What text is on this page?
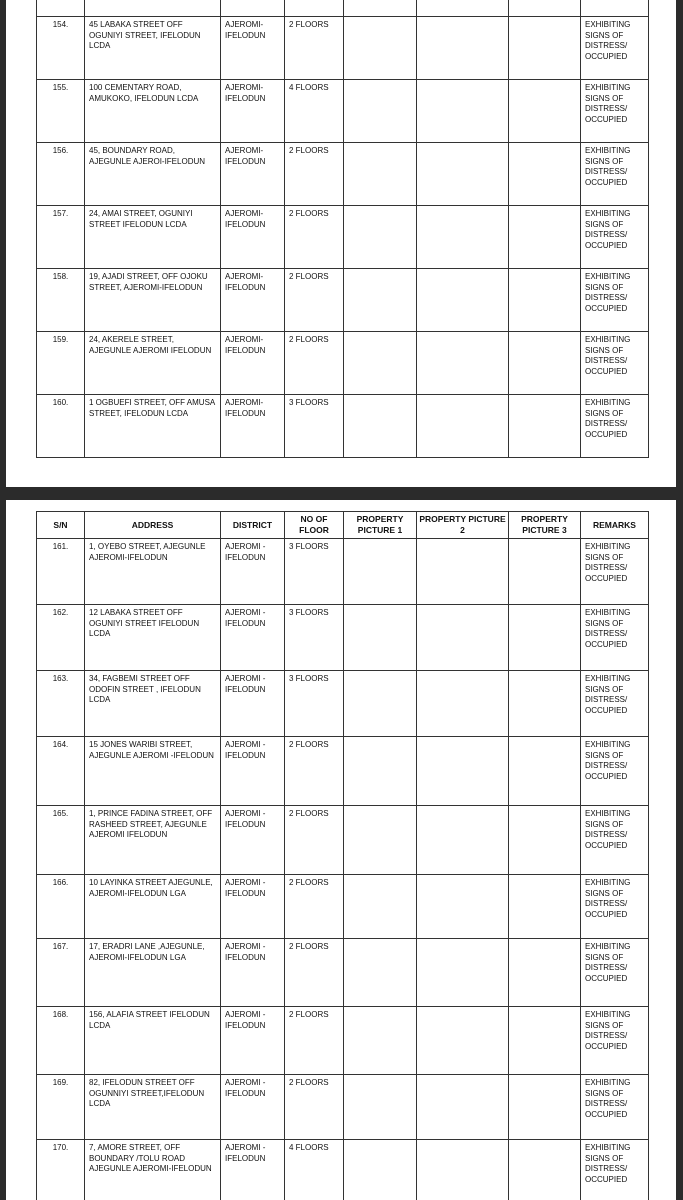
154.	45 LABAKA STREET OFF OGUNIYI STREET, IFELODUN LCDA	AJEROMI-IFELODUN	2 FLOORS				EXHIBITING SIGNS OF DISTRESS/ OCCUPIED
155.	100 CEMENTARY ROAD, AMUKOKO, IFELODUN LCDA	AJEROMI-IFELODUN	4 FLOORS				EXHIBITING SIGNS OF DISTRESS/ OCCUPIED
156.	45, BOUNDARY ROAD, AJEGUNLE AJEROI-IFELODUN	AJEROMI-IFELODUN	2 FLOORS				EXHIBITING SIGNS OF DISTRESS/ OCCUPIED
157.	24, AMAI STREET, OGUNIYI STREET IFELODUN LCDA	AJEROMI-IFELODUN	2 FLOORS				EXHIBITING SIGNS OF DISTRESS/ OCCUPIED
158.	19, AJADI STREET, OFF OJOKU STREET, AJEROMI-IFELODUN	AJEROMI-IFELODUN	2 FLOORS				EXHIBITING SIGNS OF DISTRESS/ OCCUPIED
159.	24, AKERELE STREET, AJEGUNLE AJEROMI IFELODUN	AJEROMI-IFELODUN	2 FLOORS				EXHIBITING SIGNS OF DISTRESS/ OCCUPIED
160.	1 OGBUEFI STREET, OFF AMUSA STREET, IFELODUN LCDA	AJEROMI-IFELODUN	3 FLOORS				EXHIBITING SIGNS OF DISTRESS/ OCCUPIED
S/N	ADDRESS	DISTRICT	NO OF FLOOR	PROPERTY PICTURE 1	PROPERTY PICTURE 2	PROPERTY PICTURE 3	REMARKS
161.	1, OYEBO STREET, AJEGUNLE AJEROMI-IFELODUN	AJEROMI - IFELODUN	3 FLOORS				EXHIBITING SIGNS OF DISTRESS/ OCCUPIED
162.	12 LABAKA STREET OFF OGUNIYI STREET IFELODUN LCDA	AJEROMI - IFELODUN	3 FLOORS				EXHIBITING SIGNS OF DISTRESS/ OCCUPIED
163.	34, FAGBEMI STREET OFF ODOFIN STREET , IFELODUN LCDA	AJEROMI - IFELODUN	3 FLOORS				EXHIBITING SIGNS OF DISTRESS/ OCCUPIED
164.	15 JONES WARIBI STREET, AJEGUNLE AJEROMI -IFELODUN	AJEROMI - IFELODUN	2 FLOORS				EXHIBITING SIGNS OF DISTRESS/ OCCUPIED
165.	1, PRINCE FADINA STREET, OFF RASHEED STREET, AJEGUNLE AJEROMI IFELODUN	AJEROMI - IFELODUN	2 FLOORS				EXHIBITING SIGNS OF DISTRESS/ OCCUPIED
166.	10 LAYINKA STREET AJEGUNLE, AJEROMI-IFELODUN LGA	AJEROMI - IFELODUN	2 FLOORS				EXHIBITING SIGNS OF DISTRESS/ OCCUPIED
167.	17, ERADRI LANE ,AJEGUNLE, AJEROMI-IFELODUN LGA	AJEROMI - IFELODUN	2 FLOORS				EXHIBITING SIGNS OF DISTRESS/ OCCUPIED
168.	156, ALAFIA STREET IFELODUN LCDA	AJEROMI - IFELODUN	2 FLOORS				EXHIBITING SIGNS OF DISTRESS/ OCCUPIED
169.	82, IFELODUN STREET OFF OGUNNIYI STREET,IFELODUN LCDA	AJEROMI - IFELODUN	2 FLOORS				EXHIBITING SIGNS OF DISTRESS/ OCCUPIED
170.	7, AMORE STREET, OFF BOUNDARY /TOLU ROAD AJEGUNLE AJEROMI-IFELODUN	AJEROMI - IFELODUN	4 FLOORS				EXHIBITING SIGNS OF DISTRESS/ OCCUPIED
